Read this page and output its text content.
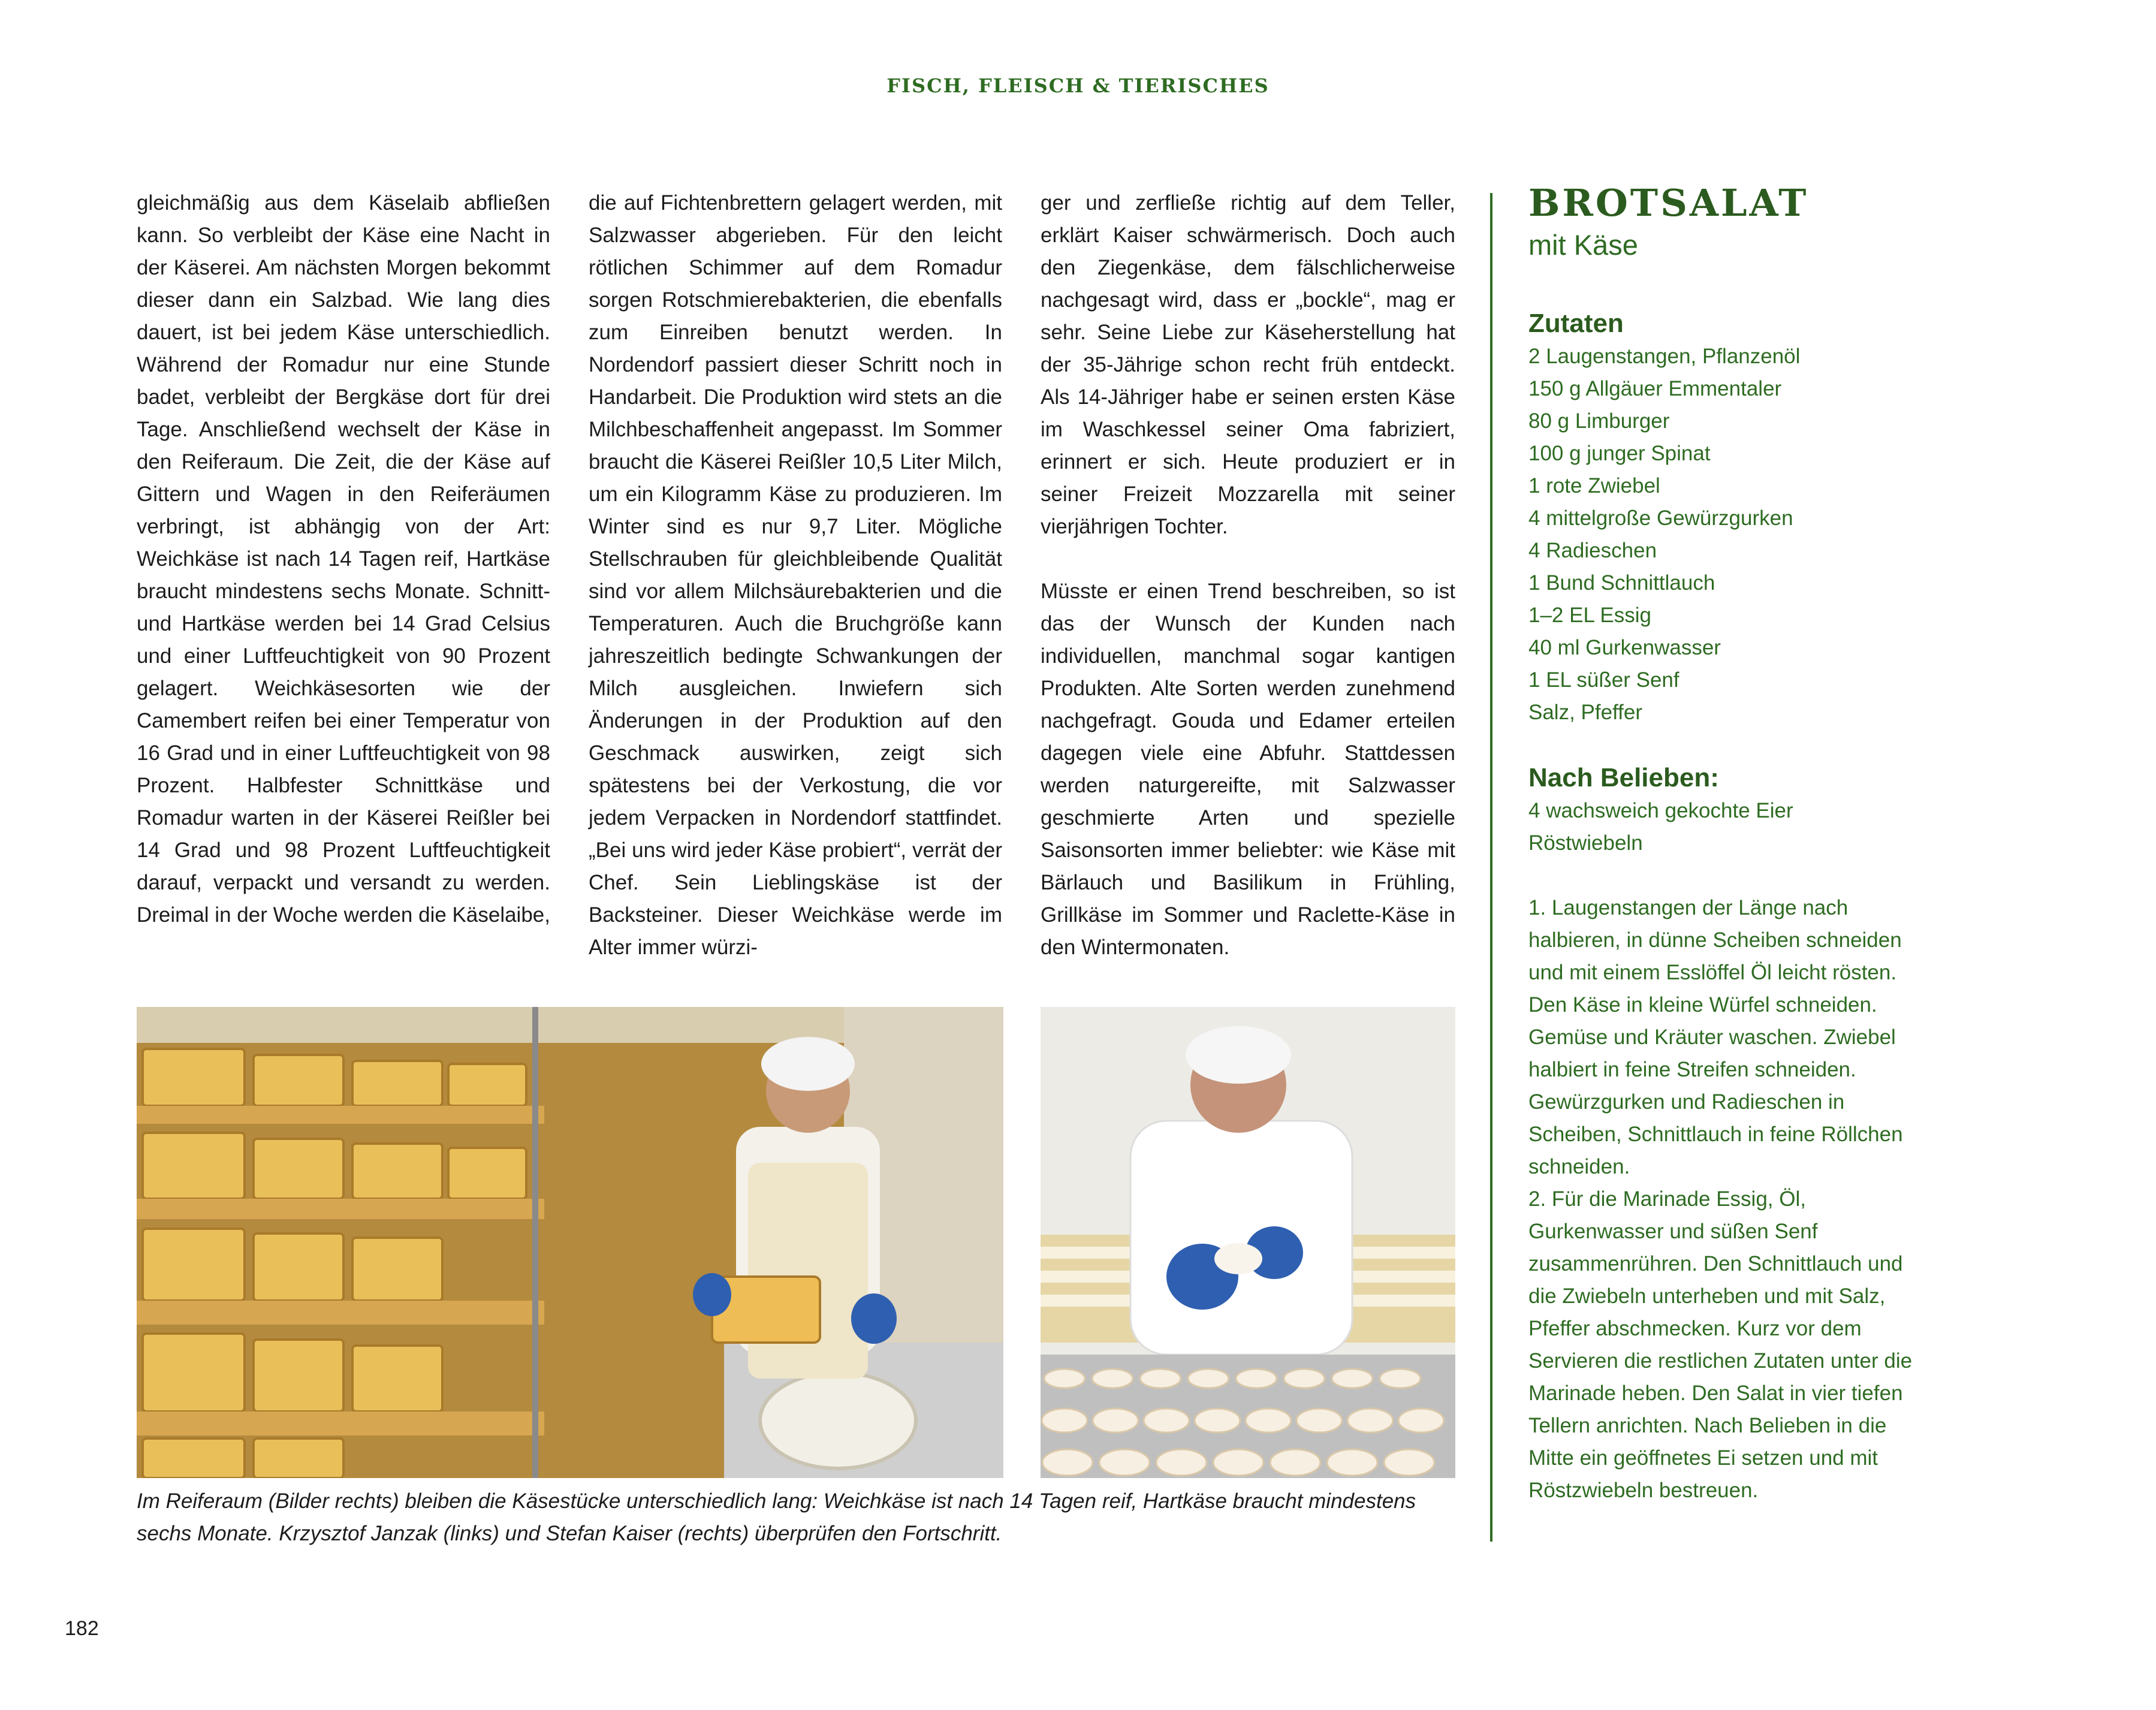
FISCH, FLEISCH & TIERISCHES

gleichmäßig aus dem Käselaib abfließen kann. So verbleibt der Käse eine Nacht in der Käserei. Am nächsten Morgen bekommt dieser dann ein Salzbad. Wie lang dies dauert, ist bei jedem Käse unterschiedlich. Während der Romadur nur eine Stunde badet, verbleibt der Bergkäse dort für drei Tage. Anschließend wechselt der Käse in den Reiferaum. Die Zeit, die der Käse auf Gittern und Wagen in den Reiferäumen verbringt, ist abhängig von der Art: Weichkäse ist nach 14 Tagen reif, Hartkäse braucht mindestens sechs Monate. Schnitt- und Hartkäse werden bei 14 Grad Celsius und einer Luftfeuchtigkeit von 90 Prozent gelagert. Weichkäsesorten wie der Camembert reifen bei einer Temperatur von 16 Grad und in einer Luftfeuchtigkeit von 98 Prozent. Halbfester Schnittkäse und Romadur warten in der Käserei Reißler bei 14 Grad und 98 Prozent Luftfeuchtigkeit darauf, verpackt und versandt zu werden. Dreimal in der Woche werden die Käselaibe,

die auf Fichtenbrettern gelagert werden, mit Salzwasser abgerieben. Für den leicht rötlichen Schimmer auf dem Romadur sorgen Rotschmierebakterien, die ebenfalls zum Einreiben benutzt werden. In Nordendorf passiert dieser Schritt noch in Handarbeit. Die Produktion wird stets an die Milchbeschaffenheit angepasst. Im Sommer braucht die Käserei Reißler 10,5 Liter Milch, um ein Kilogramm Käse zu produzieren. Im Winter sind es nur 9,7 Liter. Mögliche Stellschrauben für gleichbleibende Qualität sind vor allem Milchsäurebakterien und die Temperaturen. Auch die Bruchgröße kann jahreszeitlich bedingte Schwankungen der Milch ausgleichen. Inwiefern sich Änderungen in der Produktion auf den Geschmack auswirken, zeigt sich spätestens bei der Verkostung, die vor jedem Verpacken in Nordendorf stattfindet. „Bei uns wird jeder Käse probiert“, verrät der Chef. Sein Lieblingskäse ist der Backsteiner. Dieser Weichkäse werde im Alter immer würzi-

ger und zerfließe richtig auf dem Teller, erklärt Kaiser schwärmerisch. Doch auch den Ziegenkäse, dem fälschlicherweise nachgesagt wird, dass er „bockle“, mag er sehr. Seine Liebe zur Käseherstellung hat der 35-Jährige schon recht früh entdeckt. Als 14-Jähriger habe er seinen ersten Käse im Waschkessel seiner Oma fabriziert, erinnert er sich. Heute produziert er in seiner Freizeit Mozzarella mit seiner vierjährigen Tochter.

Müsste er einen Trend beschreiben, so ist das der Wunsch der Kunden nach individuellen, manchmal sogar kantigen Produkten. Alte Sorten werden zunehmend nachgefragt. Gouda und Edamer erteilen dagegen viele eine Abfuhr. Stattdessen werden naturgereifte, mit Salzwasser geschmierte Arten und spezielle Saisonsorten immer beliebter: wie Käse mit Bärlauch und Basilikum in Frühling, Grillkäse im Sommer und Raclette-Käse in den Wintermonaten.

Im Reiferaum (Bilder rechts) bleiben die Käsestücke unterschiedlich lang: Weichkäse ist nach 14 Tagen reif, Hartkäse braucht mindestens sechs Monate. Krzysztof Janzak (links) und Stefan Kaiser (rechts) überprüfen den Fortschritt.
BROTSALAT
mit Käse
Zutaten
2 Laugenstangen, Pflanzenöl
150 g Allgäuer Emmentaler
80 g Limburger
100 g junger Spinat
1 rote Zwiebel
4 mittelgroße Gewürzgurken
4 Radieschen
1 Bund Schnittlauch
1–2 EL Essig
40 ml Gurkenwasser
1 EL süßer Senf
Salz, Pfeffer
Nach Belieben:
4 wachsweich gekochte Eier
Röstwiebeln

1. Laugenstangen der Länge nach halbieren, in dünne Scheiben schneiden und mit einem Esslöffel Öl leicht rösten. Den Käse in kleine Würfel schneiden. Gemüse und Kräuter waschen. Zwiebel halbiert in feine Streifen schneiden. Gewürzgurken und Radieschen in Scheiben, Schnittlauch in feine Röllchen schneiden.

2. Für die Marinade Essig, Öl, Gurkenwasser und süßen Senf zusammenrühren. Den Schnittlauch und die Zwiebeln unterheben und mit Salz, Pfeffer abschmecken. Kurz vor dem Servieren die restlichen Zutaten unter die Marinade heben. Den Salat in vier tiefen Tellern anrichten. Nach Belieben in die Mitte ein geöffnetes Ei setzen und mit Röstzwiebeln bestreuen.

182
